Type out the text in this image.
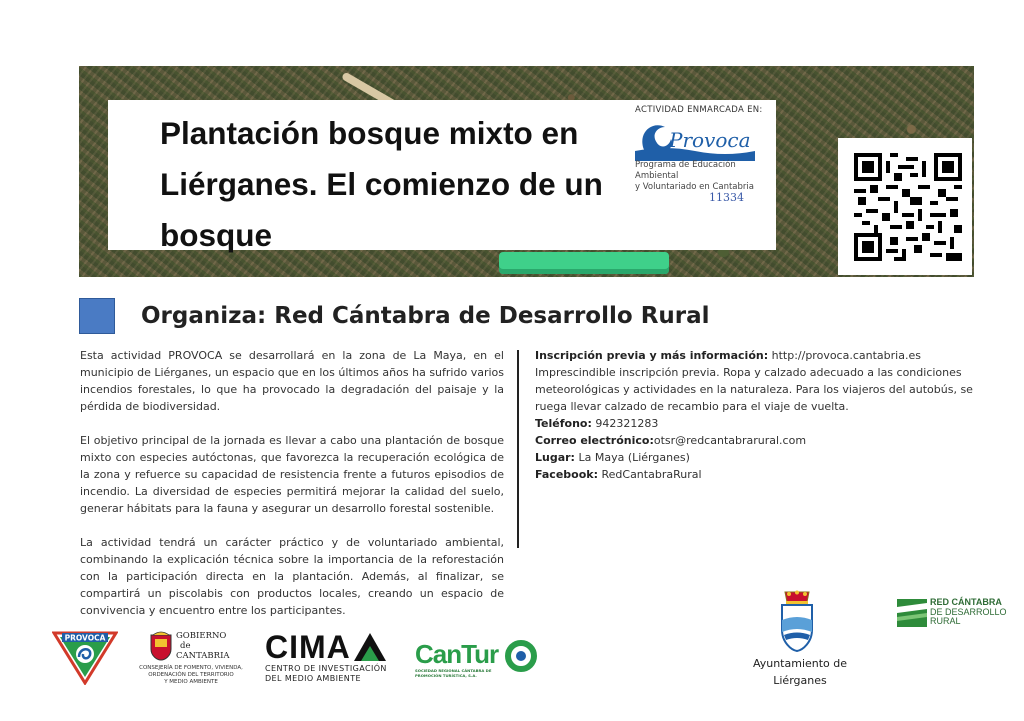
Plantación bosque mixto en Liérganes. El comienzo de un bosque
ACTIVIDAD ENMARCADA EN:
Provoca
Programa de Educación Ambiental
y Voluntariado en Cantabria
11334
Organiza: Red Cántabra de Desarrollo Rural

Esta actividad PROVOCA se desarrollará en la zona de La Maya, en el municipio de Liérganes, un espacio que en los últimos años ha sufrido varios incendios forestales, lo que ha provocado la degradación del paisaje y la pérdida de biodiversidad.

El objetivo principal de la jornada es llevar a cabo una plantación de bosque mixto con especies autóctonas, que favorezca la recuperación ecológica de la zona y refuerce su capacidad de resistencia frente a futuros episodios de incendio. La diversidad de especies permitirá mejorar la calidad del suelo, generar hábitats para la fauna y asegurar un desarrollo forestal sostenible.

La actividad tendrá un carácter práctico y de voluntariado ambiental, combinando la explicación técnica sobre la importancia de la reforestación con la participación directa en la plantación. Además, al finalizar, se compartirá un piscolabis con productos locales, creando un espacio de convivencia y encuentro entre los participantes.

Inscripción previa y más información: http://provoca.cantabria.es
Imprescindible inscripción previa. Ropa y calzado adecuado a las condiciones meteorológicas y actividades en la naturaleza. Para los viajeros del autobús, se ruega llevar calzado de recambio para el viaje de vuelta.
Teléfono: 942321283
Correo electrónico:otsr@redcantabrarural.com
Lugar: La Maya (Liérganes)
Facebook: RedCantabraRural
PROVOCA	GOBIERNO
de
CANTABRIA
CONSEJERÍA DE FOMENTO, VIVIENDA,
ORDENACIÓN DEL TERRITORIO
Y MEDIO AMBIENTE
CIMA
CENTRO DE INVESTIGACIÓN
DEL MEDIO AMBIENTE
CanTur
SOCIEDAD REGIONAL CÁNTABRA DE PROMOCIÓN TURÍSTICA, S.A.
Ayuntamiento de
Liérganes
RED CÁNTABRA
DE DESARROLLO
RURAL
